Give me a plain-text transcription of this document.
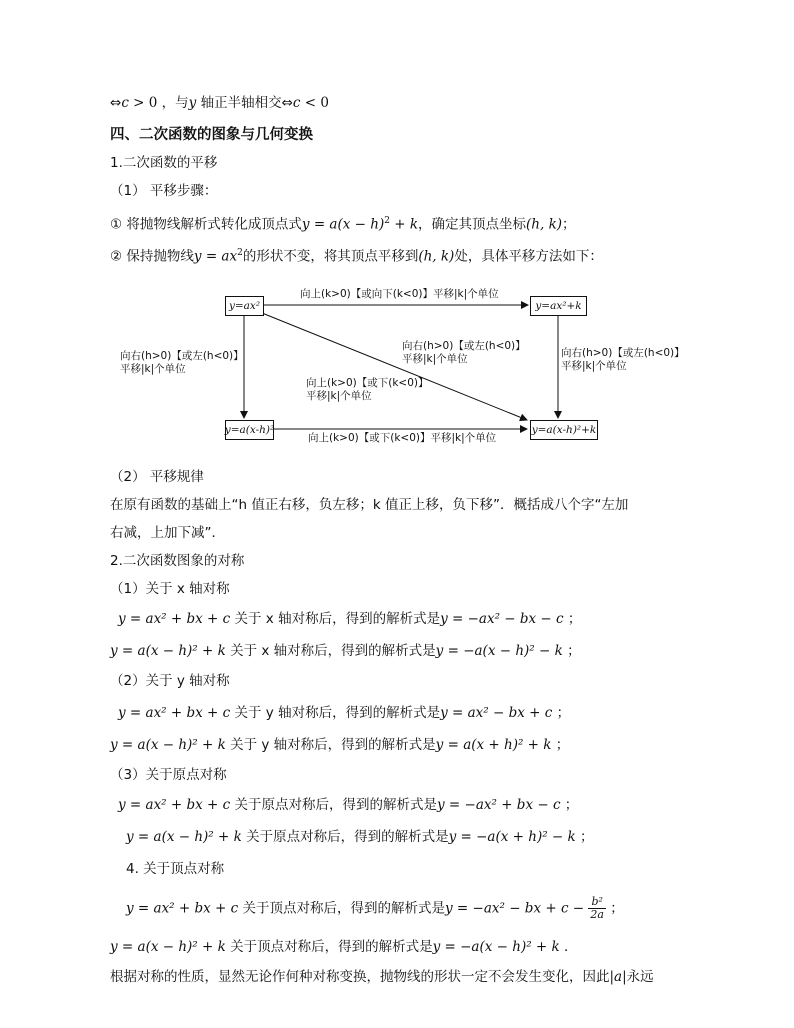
⇔c > 0 ，与y 轴正半轴相交⇔c < 0
四、二次函数的图象与几何变换
1.二次函数的平移
（1） 平移步骤：
① 将抛物线解析式转化成顶点式$y = a(x - h)^2 + k$，确定其顶点坐标(h, k)；
② 保持抛物线$y = ax^2$的形状不变，将其顶点平移到(h, k)处，具体平移方法如下：
y=ax²	y=ax²+k
y=a(x-h)²	y=a(x-h)²+k
向上(k>0)【或向下(k<0)】平移|k|个单位
向上(k>0)【或下(k<0)】平移|k|个单位
向右(h>0)【或左(h<0)】
平移|k|个单位
向右(h>0)【或左(h<0)】
平移|k|个单位
向右(h>0)【或左(h<0)】
平移|k|个单位
向上(k>0)【或下(k<0)】
平移|k|个单位
（2） 平移规律
在原有函数的基础上“h 值正右移，负左移；k 值正上移，负下移”．概括成八个字“左加
右减，上加下减”．
2.二次函数图象的对称
（1）关于 x 轴对称
y = ax² + bx + c 关于 x 轴对称后，得到的解析式是y = −ax² − bx − c ；
y = a(x − h)² + k 关于 x 轴对称后，得到的解析式是y = −a(x − h)² − k ；
（2）关于 y 轴对称
y = ax² + bx + c 关于 y 轴对称后，得到的解析式是y = ax² − bx + c ；
y = a(x − h)² + k 关于 y 轴对称后，得到的解析式是y = a(x + h)² + k ；
（3）关于原点对称
y = ax² + bx + c 关于原点对称后，得到的解析式是y = −ax² + bx − c ；
y = a(x − h)² + k 关于原点对称后，得到的解析式是y = −a(x + h)² − k ；
4. 关于顶点对称
y = ax² + bx + c 关于顶点对称后，得到的解析式是y = −ax² − bx + $c - \frac{\text{b²}}{2a}$ ；
y = a(x − h)² + k 关于顶点对称后，得到的解析式是y = −a(x − h)² + k ．
根据对称的性质，显然无论作何种对称变换，抛物线的形状一定不会发生变化，因此|a|永远
